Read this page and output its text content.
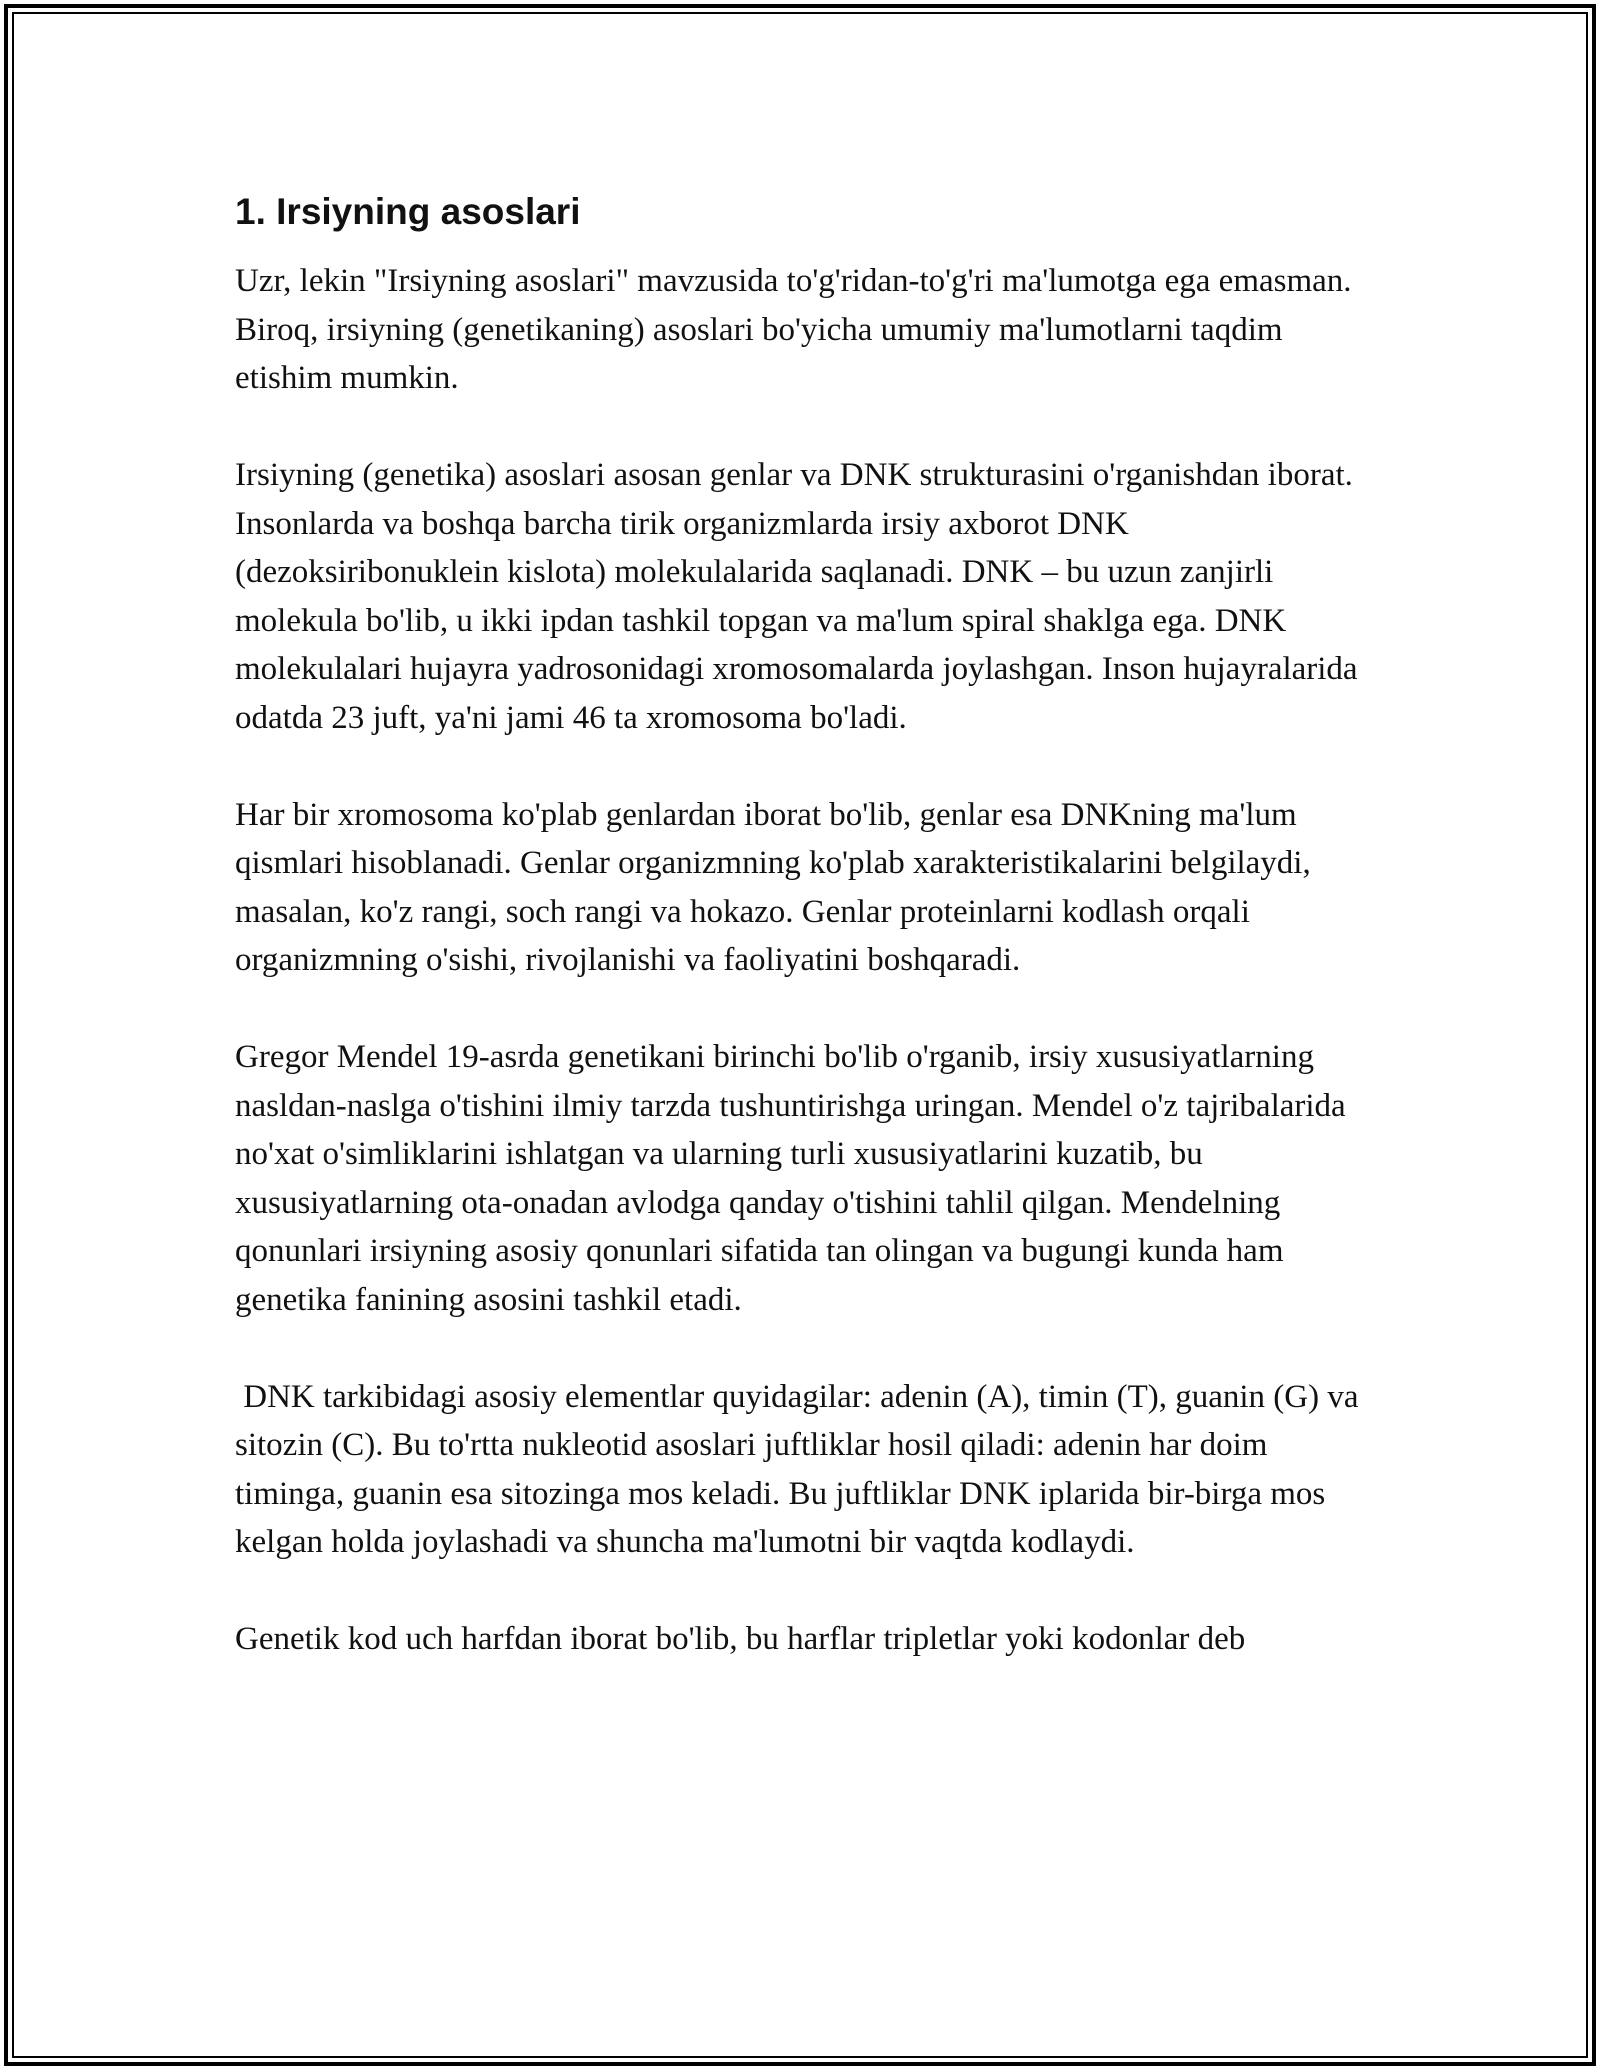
1. Irsiyning asoslari

Uzr, lekin "Irsiyning asoslari" mavzusida to'g'ridan-to'g'ri ma'lumotga ega emasman. Biroq, irsiyning (genetikaning) asoslari bo'yicha umumiy ma'lumotlarni taqdim etishim mumkin.

Irsiyning (genetika) asoslari asosan genlar va DNK strukturasini o'rganishdan iborat. Insonlarda va boshqa barcha tirik organizmlarda irsiy axborot DNK (dezoksiribonuklein kislota) molekulalarida saqlanadi. DNK – bu uzun zanjirli molekula bo'lib, u ikki ipdan tashkil topgan va ma'lum spiral shaklga ega. DNK molekulalari hujayra yadrosonidagi xromosomalarda joylashgan. Inson hujayralarida odatda 23 juft, ya'ni jami 46 ta xromosoma bo'ladi.

Har bir xromosoma ko'plab genlardan iborat bo'lib, genlar esa DNKning ma'lum qismlari hisoblanadi. Genlar organizmning ko'plab xarakteristikalarini belgilaydi, masalan, ko'z rangi, soch rangi va hokazo. Genlar proteinlarni kodlash orqali organizmning o'sishi, rivojlanishi va faoliyatini boshqaradi.

Gregor Mendel 19-asrda genetikani birinchi bo'lib o'rganib, irsiy xususiyatlarning nasldan-naslga o'tishini ilmiy tarzda tushuntirishga uringan. Mendel o'z tajribalarida no'xat o'simliklarini ishlatgan va ularning turli xususiyatlarini kuzatib, bu xususiyatlarning ota-onadan avlodga qanday o'tishini tahlil qilgan. Mendelning qonunlari irsiyning asosiy qonunlari sifatida tan olingan va bugungi kunda ham genetika fanining asosini tashkil etadi.

DNK tarkibidagi asosiy elementlar quyidagilar: adenin (A), timin (T), guanin (G) va sitozin (C). Bu to'rtta nukleotid asoslari juftliklar hosil qiladi: adenin har doim timinga, guanin esa sitozinga mos keladi. Bu juftliklar DNK iplarida bir-birga mos kelgan holda joylashadi va shuncha ma'lumotni bir vaqtda kodlaydi.

Genetik kod uch harfdan iborat bo'lib, bu harflar tripletlar yoki kodonlar deb
